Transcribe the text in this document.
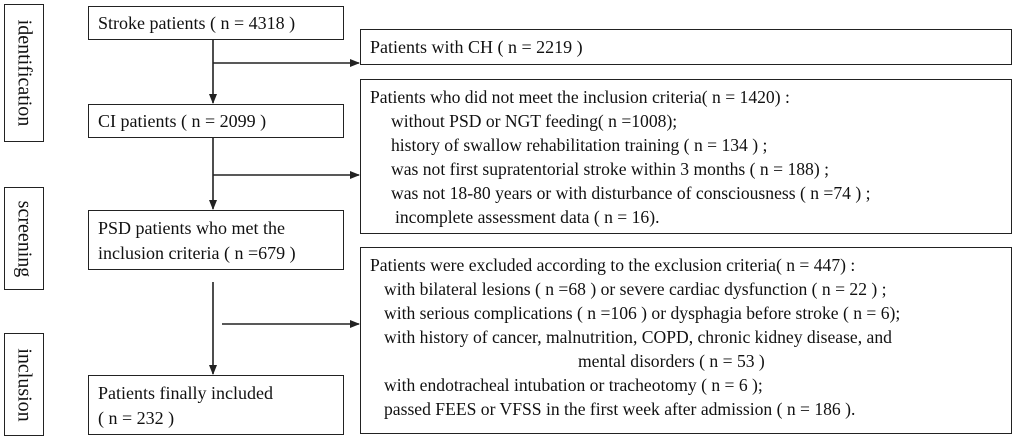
identification
screening
inclusion
Stroke patients ( n = 4318 )
CI patients ( n = 2099 )
PSD patients who met the
inclusion criteria ( n =679 )
Patients finally included
( n = 232 )
Patients with CH ( n = 2219 )
Patients who did not meet the inclusion criteria( n = 1420) :
without PSD or NGT feeding( n =1008);
history of swallow rehabilitation training ( n = 134 ) ;
was not first supratentorial stroke within 3 months ( n = 188) ;
was not 18-80 years or with disturbance of consciousness ( n =74 ) ;
incomplete assessment data ( n = 16).
Patients were excluded according to the exclusion criteria( n = 447) :
with bilateral lesions ( n =68 ) or severe cardiac dysfunction ( n = 22 ) ;
with serious complications ( n =106 ) or dysphagia before stroke ( n = 6);
with history of cancer, malnutrition, COPD, chronic kidney disease, and
mental disorders ( n = 53 )
with endotracheal intubation or tracheotomy ( n = 6 );
passed FEES or VFSS in the first week after admission ( n = 186 ).
